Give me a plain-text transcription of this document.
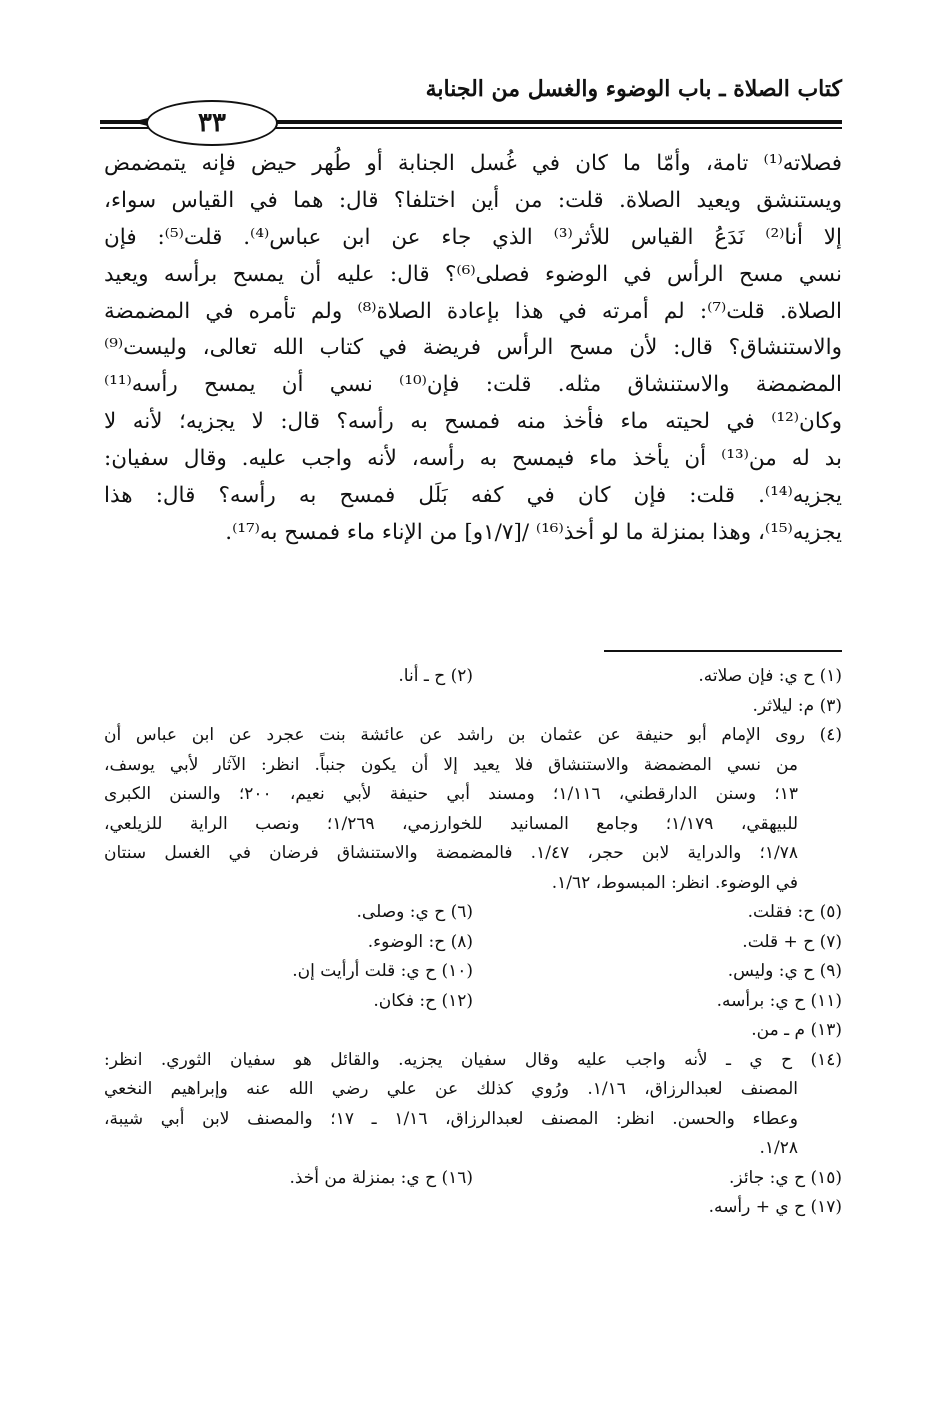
كتاب الصلاة ـ باب الوضوء والغسل من الجنابة
٣٣
فصلاته⁽¹⁾ تامة، وأمّا ما كان في غُسل الجنابة أو طُهر حيض فإنه يتمضمض
ويستنشق ويعيد الصلاة. قلت: من أين اختلفا؟ قال: هما في القياس سواء،
إلا أنا⁽²⁾ نَدَعُ القياس للأثر⁽³⁾ الذي جاء عن ابن عباس⁽⁴⁾. قلت⁽⁵⁾: فإن
نسي مسح الرأس في الوضوء فصلى⁽⁶⁾؟ قال: عليه أن يمسح برأسه ويعيد
الصلاة. قلت⁽⁷⁾: لم أمرته في هذا بإعادة الصلاة⁽⁸⁾ ولم تأمره في المضمضة
والاستنشاق؟ قال: لأن مسح الرأس فريضة في كتاب الله تعالى، وليست⁽⁹⁾
المضمضة والاستنشاق مثله. قلت: فإن⁽¹⁰⁾ نسي أن يمسح رأسه⁽¹¹⁾
وكان⁽¹²⁾ في لحيته ماء فأخذ منه فمسح به رأسه؟ قال: لا يجزيه؛ لأنه لا
بد له من⁽¹³⁾ أن يأخذ ماء فيمسح به رأسه، لأنه واجب عليه. وقال سفيان:
يجزيه⁽¹⁴⁾. قلت: فإن كان في كفه بَلَل فمسح به رأسه؟ قال: هذا
يجزيه⁽¹⁵⁾، وهذا بمنزلة ما لو أخذ⁽¹⁶⁾ /[١/٧و] من الإناء ماء فمسح به⁽¹⁷⁾.
(١) ح ي: فإن صلاته.(٢) ح ـ أنا.
(٣) م: ليلاثر.
(٤) روى الإمام أبو حنيفة عن عثمان بن راشد عن عائشة بنت عجرد عن ابن عباس أن
من نسي المضمضة والاستنشاق فلا يعيد إلا أن يكون جنباً. انظر: الآثار لأبي يوسف،
١٣؛ وسنن الدارقطني، ١/١١٦؛ ومسند أبي حنيفة لأبي نعيم، ٢٠٠؛ والسنن الكبرى
للبيهقي، ١/١٧٩؛ وجامع المسانيد للخوارزمي، ١/٢٦٩؛ ونصب الراية للزيلعي،
١/٧٨؛ والدراية لابن حجر، ١/٤٧. فالمضمضة والاستنشاق فرضان في الغسل سنتان
في الوضوء. انظر: المبسوط، ١/٦٢.
(٥) ح: فقلت.(٦) ح ي: وصلى.
(٧) ح + قلت.(٨) ح: الوضوء.
(٩) ح ي: وليس.(١٠) ح ي: قلت أرأيت إن.
(١١) ح ي: برأسه.(١٢) ح: فكان.
(١٣) م ـ من.
(١٤) ح ي ـ لأنه واجب عليه وقال سفيان يجزيه. والقائل هو سفيان الثوري. انظر:
المصنف لعبدالرزاق، ١/١٦. ورُوي كذلك عن علي رضي الله عنه وإبراهيم النخعي
وعطاء والحسن. انظر: المصنف لعبدالرزاق، ١/١٦ ـ ١٧؛ والمصنف لابن أبي شيبة،
١/٢٨.
(١٥) ح ي: جائز.(١٦) ح ي: بمنزلة من أخذ.
(١٧) ح ي + رأسه.
